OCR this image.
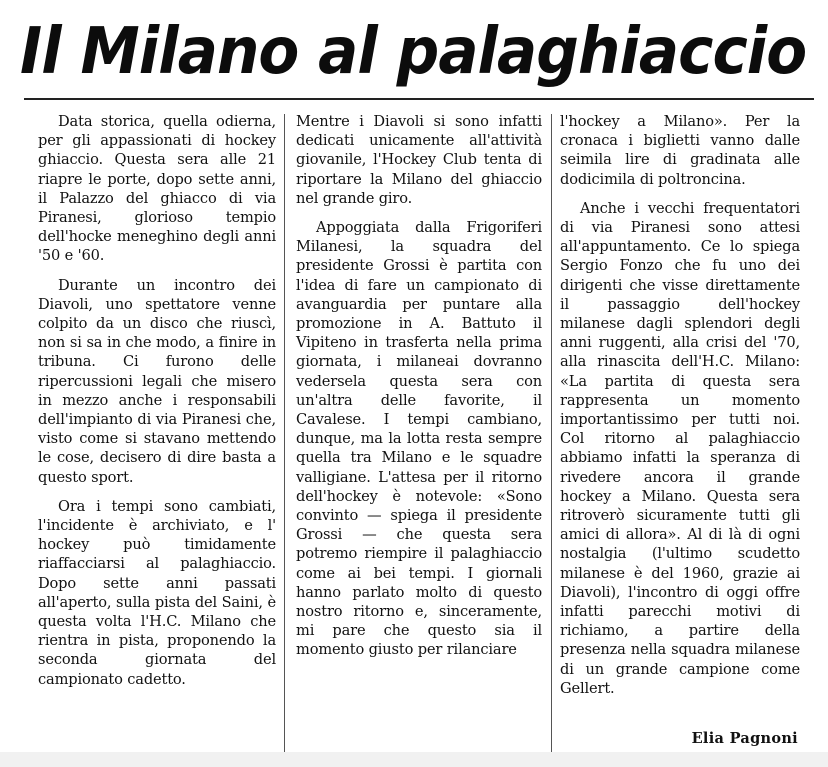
Il Milano al palaghiaccio

Data storica, quella odierna, per gli appassionati di hockey ghiaccio. Questa sera alle 21 riapre le porte, dopo sette anni, il Palazzo del ghiacco di via Piranesi, glorioso tempio dell'hocke meneghino degli anni '50 e '60.

Durante un incontro dei Diavoli, uno spettatore venne colpito da un disco che riuscì, non si sa in che modo, a finire in tribuna. Ci furono delle ripercussioni legali che misero in mezzo anche i responsabili dell'impianto di via Piranesi che, visto come si stavano mettendo le cose, decisero di dire basta a questo sport.

Ora i tempi sono cambiati, l'incidente è archiviato, e l' hockey può timidamente riaffacciarsi al palaghiaccio. Dopo sette anni passati all'aperto, sulla pista del Saini, è questa volta l'H.C. Milano che rientra in pista, proponendo la seconda giornata del campionato cadetto.

Mentre i Diavoli si sono infatti dedicati unicamente all'attività giovanile, l'Hockey Club tenta di riportare la Milano del ghiaccio nel grande giro.

Appoggiata dalla Frigoriferi Milanesi, la squadra del presidente Grossi è partita con l'idea di fare un campionato di avanguardia per puntare alla promozione in A. Battuto il Vipiteno in trasferta nella prima giornata, i milaneai dovranno vedersela questa sera con un'altra delle favorite, il Cavalese. I tempi cambiano, dunque, ma la lotta resta sempre quella tra Milano e le squadre valligiane. L'attesa per il ritorno dell'hockey è notevole: «Sono convinto — spiega il presidente Grossi — che questa sera potremo riempire il palaghiaccio come ai bei tempi. I giornali hanno parlato molto di questo nostro ritorno e, sinceramente, mi pare che questo sia il momento giusto per rilanciare

l'hockey a Milano». Per la cronaca i biglietti vanno dalle seimila lire di gradinata alle dodicimila di poltroncina.

Anche i vecchi frequentatori di via Piranesi sono attesi all'appuntamento. Ce lo spiega Sergio Fonzo che fu uno dei dirigenti che visse direttamente il passaggio dell'hockey milanese dagli splendori degli anni ruggenti, alla crisi del '70, alla rinascita dell'H.C. Milano: «La partita di questa sera rappresenta un momento importantissimo per tutti noi. Col ritorno al palaghiaccio abbiamo infatti la speranza di rivedere ancora il grande hockey a Milano. Questa sera ritroverò sicuramente tutti gli amici di allora». Al di là di ogni nostalgia (l'ultimo scudetto milanese è del 1960, grazie ai Diavoli), l'incontro di oggi offre infatti parecchi motivi di richiamo, a partire della presenza nella squadra milanese di un grande campione come Gellert.

Elia Pagnoni
